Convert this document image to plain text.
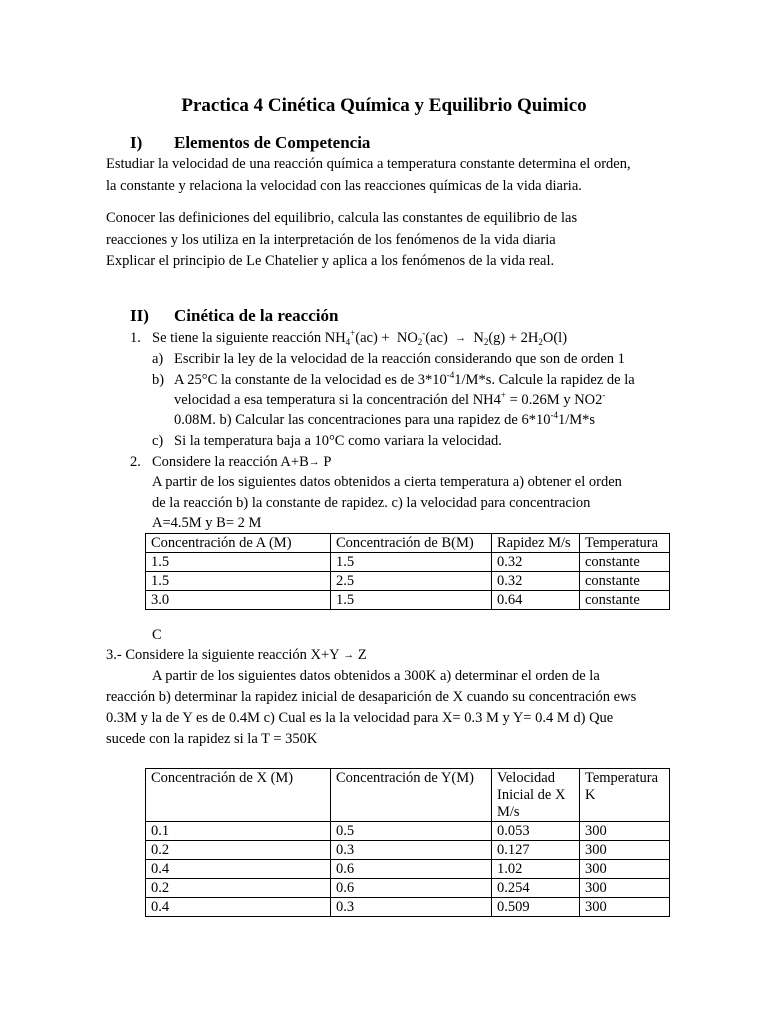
Practica 4 Cinética Química y Equilibrio Quimico
I) Elementos de Competencia
Estudiar la velocidad de una reacción química a temperatura constante determina el orden,
la constante y relaciona la velocidad con las reacciones químicas de la vida diaria.
Conocer las definiciones del equilibrio, calcula las constantes de equilibrio de las
reacciones y los utiliza en la interpretación de los fenómenos de la vida diaria
Explicar el principio de Le Chatelier y aplica a los fenómenos de la vida real.
II) Cinética de la reacción
1. Se tiene la siguiente reacción $NH_4^+(ac) + NO_2^-(ac) \to N_2(g) + 2H_2O(l)$
a) Escribir la ley de la velocidad de la reacción considerando que son de orden 1
b) A 25°C la constante de la velocidad es de $3*10^{-4}1/M*s$. Calcule la rapidez de la
velocidad a esa temperatura si la concentración del NH4+ = 0.26M y NO2-
0.08M. b) Calcular las concentraciones para una rapidez de $6*10^{-4}1/M*s$
c) Si la temperatura baja a 10°C como variara la velocidad.
2. Considere la reacción A+B→ P
A partir de los siguientes datos obtenidos a cierta temperatura a) obtener el orden
de la reacción b) la constante de rapidez. c) la velocidad para concentracion
A=4.5M y B= 2 M
Concentración de A (M)	Concentración de B(M)	Rapidez M/s	Temperatura
1.5	1.5	0.32	constante
1.5	2.5	0.32	constante
3.0	1.5	0.64	constante
C
3.- Considere la siguiente reacción X+Y → Z
A partir de los siguientes datos obtenidos a 300K a) determinar el orden de la
reacción b) determinar la rapidez inicial de desaparición de X cuando su concentración ews
0.3M y la de Y es de 0.4M c) Cual es la la velocidad para X= 0.3 M y Y= 0.4 M d) Que
sucede con la rapidez si la T = 350K
Concentración de X (M)	Concentración de Y(M)	Velocidad Inicial de X M/s	Temperatura K
0.1	0.5	0.053	300
0.2	0.3	0.127	300
0.4	0.6	1.02	300
0.2	0.6	0.254	300
0.4	0.3	0.509	300
